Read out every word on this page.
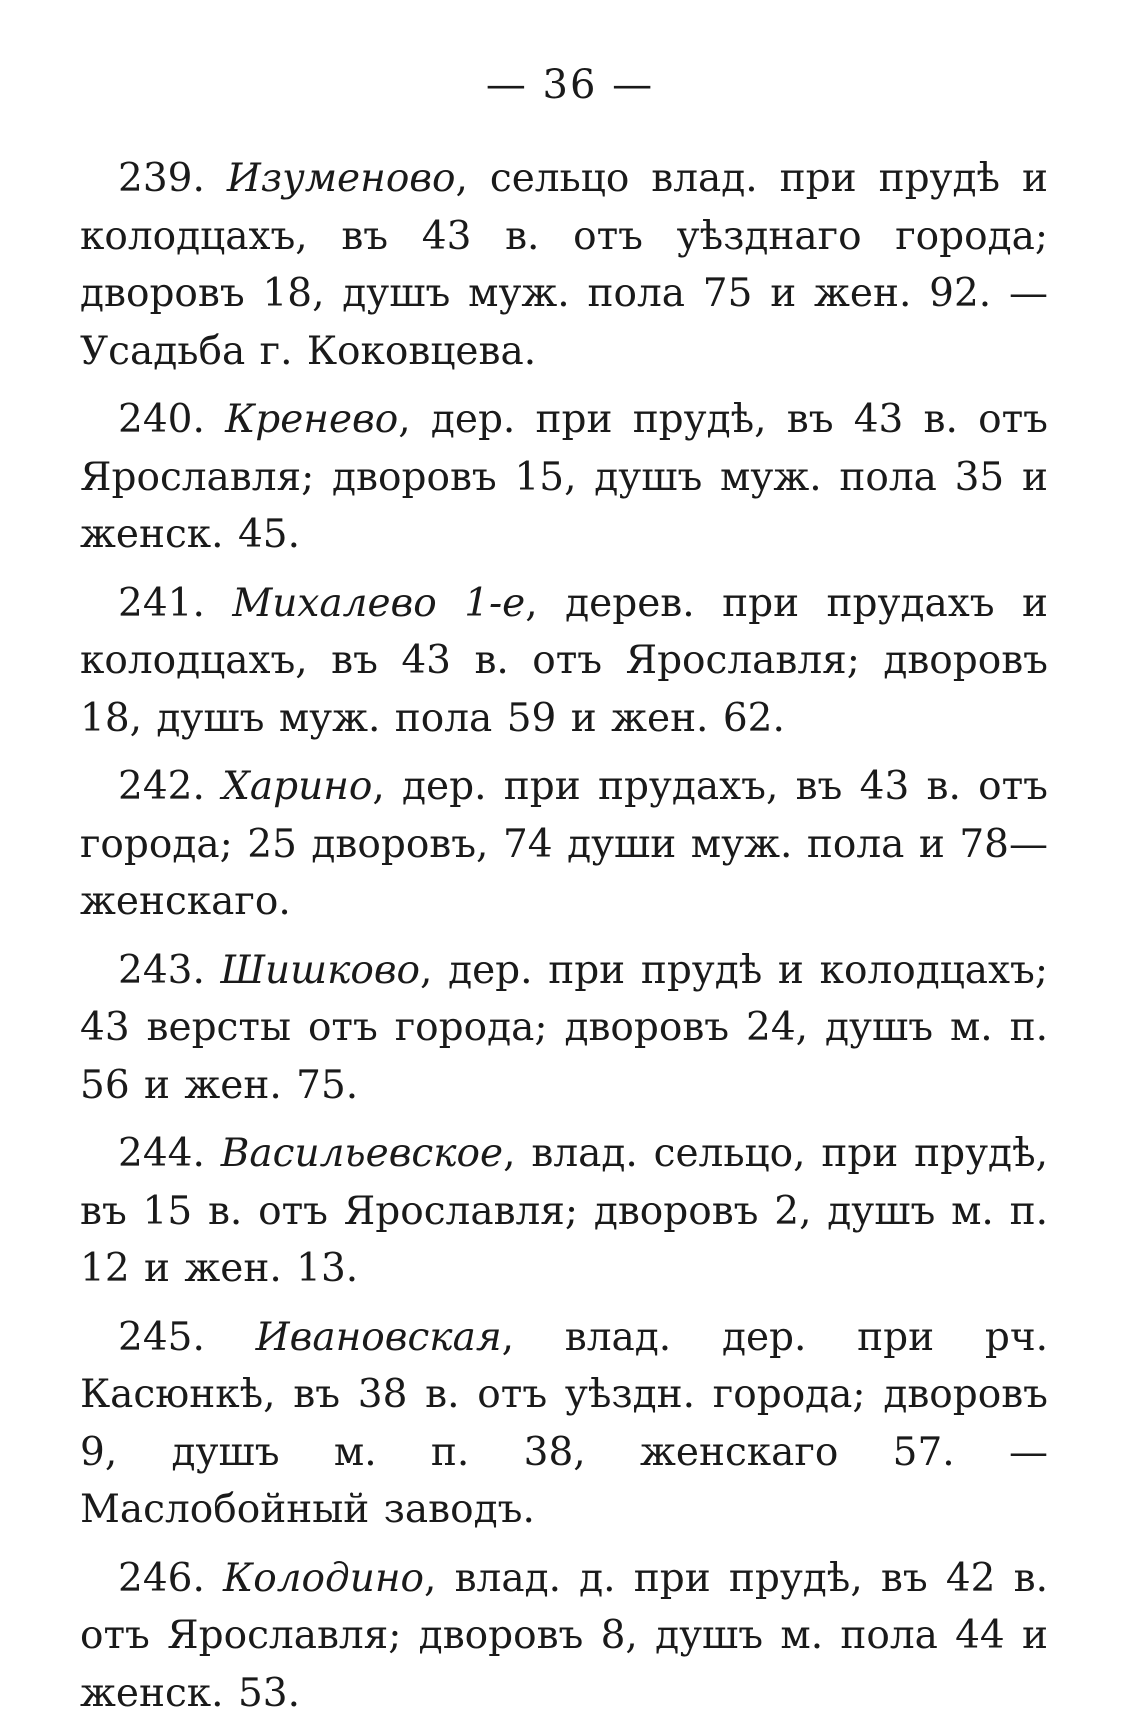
— 36 —

239. Изуменово, сельцо влад. при прудѣ и колодцахъ, въ 43 в. отъ уѣзднаго города; дворовъ 18, душъ муж. пола 75 и жен. 92. — Усадьба г. Коковцева.

240. Кренево, дер. при прудѣ, въ 43 в. отъ Ярославля; дворовъ 15, душъ муж. пола 35 и женск. 45.

241. Михалево 1-е, дерев. при прудахъ и колодцахъ, въ 43 в. отъ Ярославля; дворовъ 18, душъ муж. пола 59 и жен. 62.

242. Харино, дер. при прудахъ, въ 43 в. отъ города; 25 дворовъ, 74 души муж. пола и 78—женскаго.

243. Шишково, дер. при прудѣ и колодцахъ; 43 версты отъ города; дворовъ 24, душъ м. п. 56 и жен. 75.

244. Васильевское, влад. сельцо, при прудѣ, въ 15 в. отъ Ярославля; дворовъ 2, душъ м. п. 12 и жен. 13.

245. Ивановская, влад. дер. при рч. Касюнкѣ, въ 38 в. отъ уѣздн. города; дворовъ 9, душъ м. п. 38, женскаго 57. — Маслобойный заводъ.

246. Колодино, влад. д. при прудѣ, въ 42 в. отъ Ярославля; дворовъ 8, душъ м. пола 44 и женск. 53.
